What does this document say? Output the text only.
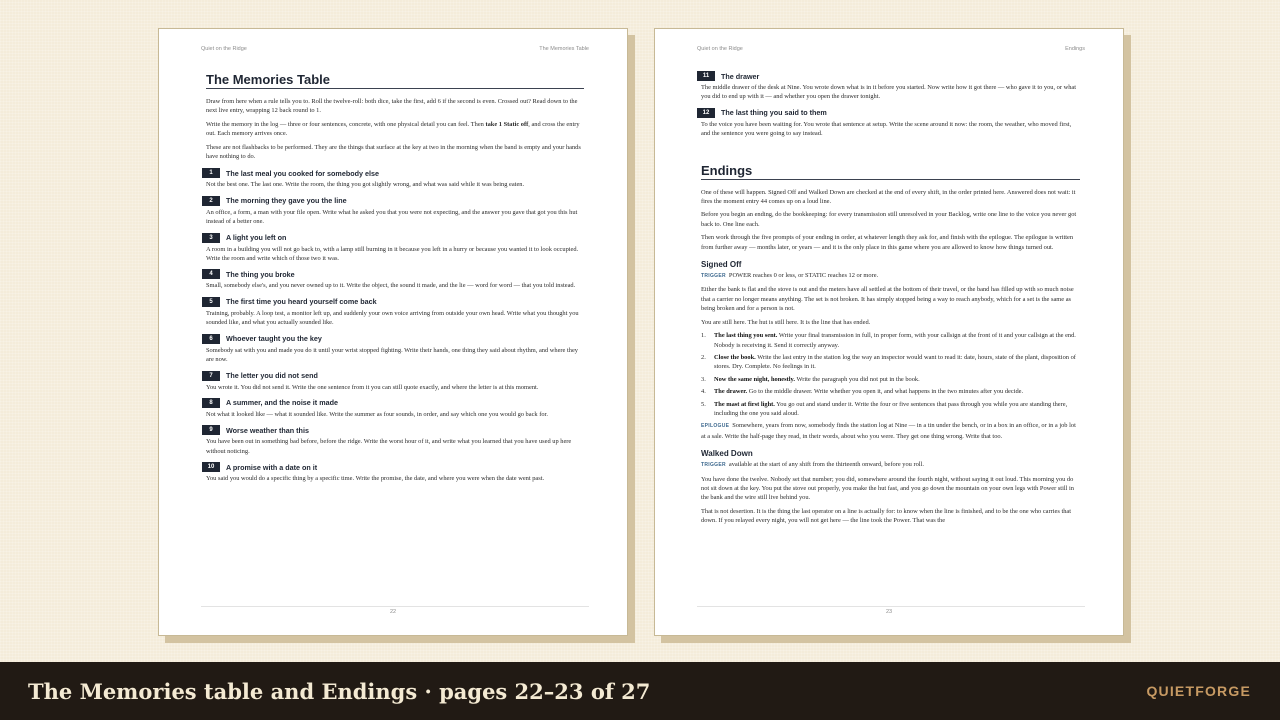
Quiet on the Ridge	The Memories Table
The Memories Table

Draw from here when a rule tells you to. Roll the twelve-roll: both dice, take the first, add 6 if the second is even. Crossed out? Read down to the next live entry, wrapping 12 back round to 1.

Write the memory in the log — three or four sentences, concrete, with one physical detail you can feel. Then take 1 Static off, and cross the entry out. Each memory arrives once.

These are not flashbacks to be performed. They are the things that surface at the key at two in the morning when the band is empty and your hands have nothing to do.

1	The last meal you cooked for somebody else

Not the best one. The last one. Write the room, the thing you got slightly wrong, and what was said while it was being eaten.

2	The morning they gave you the line

An office, a form, a man with your file open. Write what he asked you that you were not expecting, and the answer you gave that got you this hut instead of a better one.

3	A light you left on

A room in a building you will not go back to, with a lamp still burning in it because you left in a hurry or because you wanted it to look occupied. Write the room and write which of those two it was.

4	The thing you broke

Small, somebody else's, and you never owned up to it. Write the object, the sound it made, and the lie — word for word — that you told instead.

5	The first time you heard yourself come back

Training, probably. A loop test, a monitor left up, and suddenly your own voice arriving from outside your own head. Write what you thought you sounded like, and what you actually sounded like.

6	Whoever taught you the key

Somebody sat with you and made you do it until your wrist stopped fighting. Write their hands, one thing they said about rhythm, and where they are now.

7	The letter you did not send

You wrote it. You did not send it. Write the one sentence from it you can still quote exactly, and where the letter is at this moment.

8	A summer, and the noise it made

Not what it looked like — what it sounded like. Write the summer as four sounds, in order, and say which one you would go back for.

9	Worse weather than this

You have been out in something bad before, before the ridge. Write the worst hour of it, and write what you learned that you have used up here without noticing.

10	A promise with a date on it

You said you would do a specific thing by a specific time. Write the promise, the date, and where you were when the date went past.

22
Quiet on the Ridge	Endings
11	The drawer

The middle drawer of the desk at Nine. You wrote down what is in it before you started. Now write how it got there — who gave it to you, or what you did to end up with it — and whether you open the drawer tonight.

12	The last thing you said to them

To the voice you have been waiting for. You wrote that sentence at setup. Write the scene around it now: the room, the weather, who moved first, and the sentence you were going to say instead.

Endings

One of these will happen. Signed Off and Walked Down are checked at the end of every shift, in the order printed here. Answered does not wait: it fires the moment entry 44 comes up on a loud line.

Before you begin an ending, do the bookkeeping: for every transmission still unresolved in your Backlog, write one line to the voice you never got back to. One line each.

Then work through the five prompts of your ending in order, at whatever length they ask for, and finish with the epilogue. The epilogue is written from further away — months later, or years — and it is the only place in this game where you are allowed to know how things turned out.

Signed Off

TRIGGER POWER reaches 0 or less, or STATIC reaches 12 or more.

Either the bank is flat and the stove is out and the meters have all settled at the bottom of their travel, or the band has filled up with so much noise that a carrier no longer means anything. The set is not broken. It has simply stopped being a way to reach anybody, which for a set is the same as being broken and for a person is not.

You are still here. The hut is still here. It is the line that has ended.

1.	The last thing you sent. Write your final transmission in full, in proper form, with your callsign at the front of it and your callsign at the end. Nobody is receiving it. Send it correctly anyway.
2.	Close the book. Write the last entry in the station log the way an inspector would want to read it: date, hours, state of the plant, disposition of stores. Dry. Complete. No feelings in it.
3.	Now the same night, honestly. Write the paragraph you did not put in the book.
4.	The drawer. Go to the middle drawer. Write whether you open it, and what happens in the two minutes after you decide.
5.	The mast at first light. You go out and stand under it. Write the four or five sentences that pass through you while you are standing there, including the one you said aloud.

EPILOGUE Somewhere, years from now, somebody finds the station log at Nine — in a tin under the bench, or in a box in an office, or in a job lot at a sale. Write the half-page they read, in their words, about who you were. They get one thing wrong. Write that too.

Walked Down

TRIGGER available at the start of any shift from the thirteenth onward, before you roll.

You have done the twelve. Nobody set that number; you did, somewhere around the fourth night, without saying it out loud. This morning you do not sit down at the key. You put the stove out properly, you make the hut fast, and you go down the mountain on your own legs with Power still in the bank and the wire still live behind you.

That is not desertion. It is the thing the last operator on a line is actually for: to know when the line is finished, and to be the one who carries that down. If you relayed every night, you will not get here — the line took the Power. That was the

23
The Memories table and Endings · pages 22–23 of 27	QUIETFORGE
